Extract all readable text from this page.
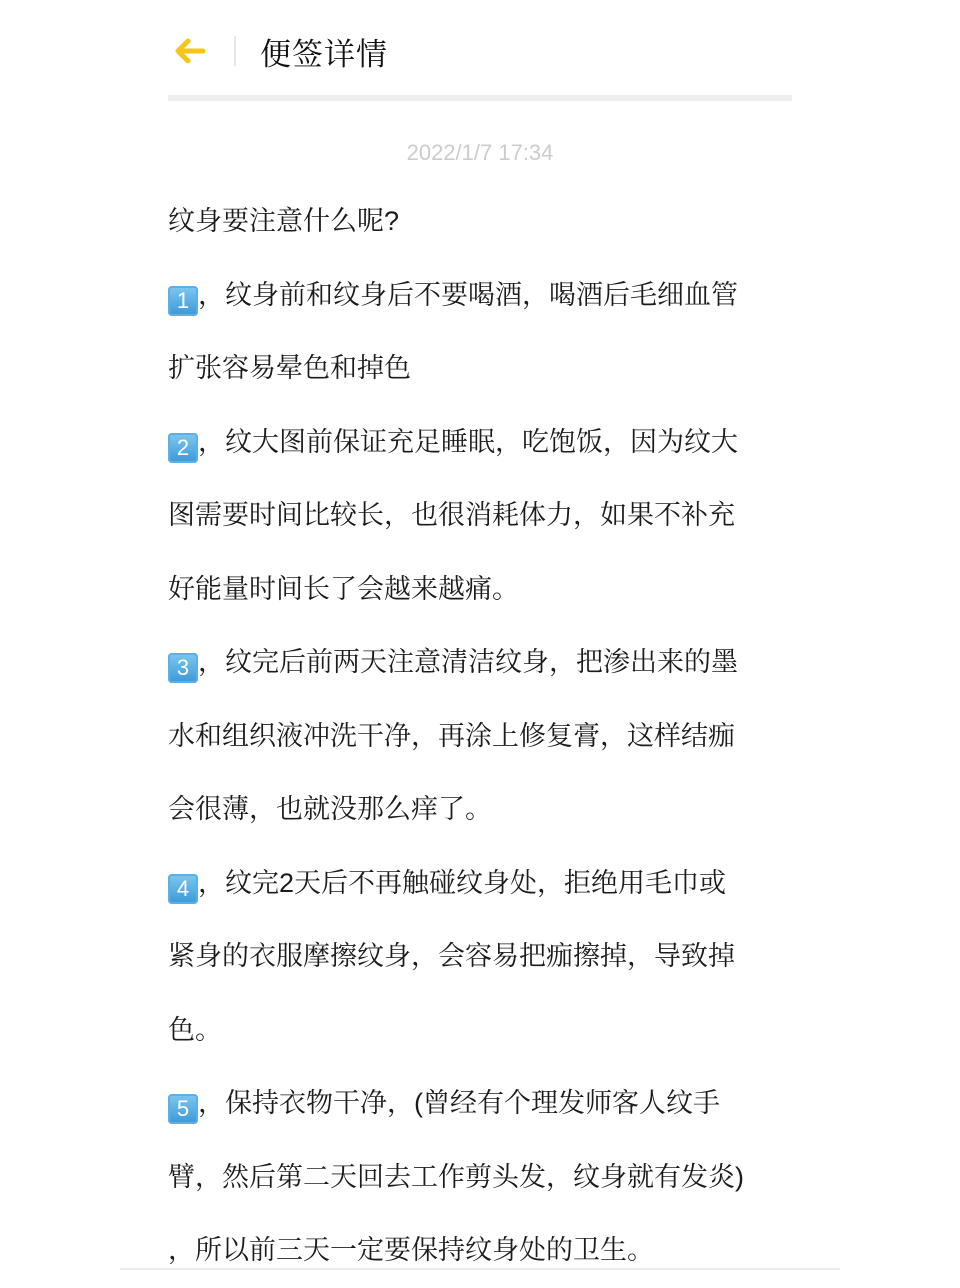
便签详情
2022/1/7 17:34
纹身要注意什么呢?
1 ，纹身前和纹身后不要喝酒，喝酒后毛细血管
扩张容易晕色和掉色
2 ，纹大图前保证充足睡眠，吃饱饭，因为纹大
图需要时间比较长，也很消耗体力，如果不补充
好能量时间长了会越来越痛。
3 ，纹完后前两天注意清洁纹身，把渗出来的墨
水和组织液冲洗干净，再涂上修复膏，这样结痂
会很薄，也就没那么痒了。
4 ，纹完2天后不再触碰纹身处，拒绝用毛巾或
紧身的衣服摩擦纹身，会容易把痂擦掉，导致掉
色。
5 ，保持衣物干净，(曾经有个理发师客人纹手
臂，然后第二天回去工作剪头发，纹身就有发炎)
，所以前三天一定要保持纹身处的卫生。
